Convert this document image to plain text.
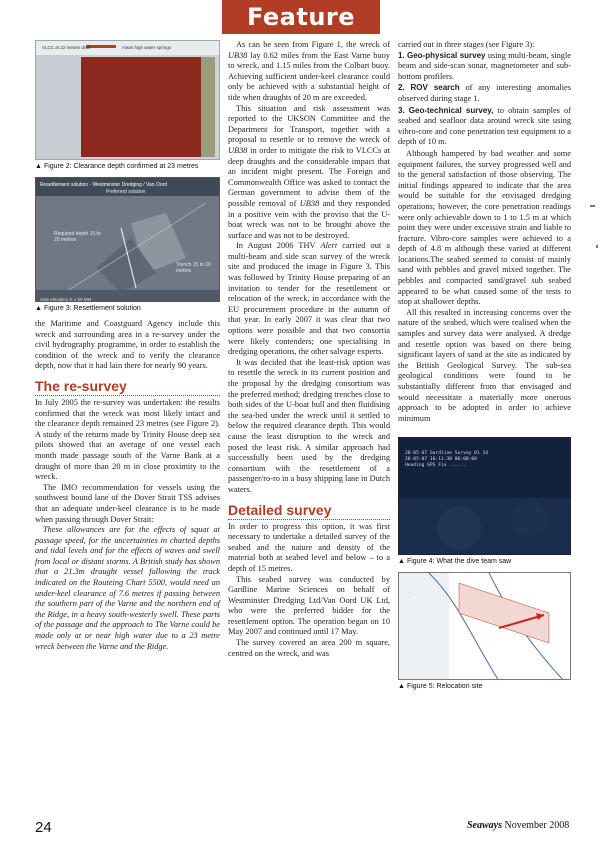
Feature
VLCC at 22 metres draft	mean high water springs
▲ Figure 2: Clearance depth confirmed at 23 metres
Resettlement solution - Westminster Dredging / Van Oord
Preferred solution
Required depth 15 to 20 metres
Trench 15 to 20 metres
Side elevation E 1 50 MM
▲ Figure 3: Resettlement solution

the Maritime and Coastguard Agency include this wreck and surrounding area in a re-survey under the civil hydrography programme, in order to establish the condition of the wreck and to verify the clearance depth, now that it had lain there for nearly 90 years.

The re-survey

In July 2005 the re-survey was undertaken: the results confirmed that the wreck was most likely intact and the clearance depth remained 23 metres (see Figure 2). A study of the returns made by Trinity House deep sea pilots showed that an average of one vessel each month made passage south of the Varne Bank at a draught of more than 20 m in close proximity to the wreck.

The IMO recommendation for vessels using the southwest bound lane of the Dover Strait TSS advises that an adequate under-keel clearance is to be made when passing through Dover Strait:

These allowances are for the effects of squat at passage speed, for the uncertainties in charted depths and tidal levels and for the effects of waves and swell from local or distant storms. A British study has shown that a 21.3m draught vessel following the track indicated on the Routeing Chart 5500, would need an under-keel clearance of 7.6 metres if passing between the southern part of the Varne and the northern end of the Ridge, in a heavy south-westerly swell. These parts of the passage and the approach to The Varne could be made only at or near high water due to a 23 metre wreck between the Varne and the Ridge.

As can be seen from Figure 1, the wreck of UB38 lay 0.62 miles from the East Varne buoy to wreck, and 1.15 miles from the Colbart buoy. Achieving sufficient under-keel clearance could only be achieved with a substantial height of tide when draughts of 20 m are exceeded.

This situation and risk assessment was reported to the UKSON Committee and the Department for Transport, together with a proposal to resettle or to remove the wreck of UB38 in order to mitigate the risk to VLCCs at deep draughts and the considerable impact that an incident might present. The Foreign and Commonwealth Office was asked to contact the German government to advise them of the possible removal of UB38 and they responded in a positive vein with the proviso that the U-boat wreck was not to be brought above the surface and was not to be destroyed.

In August 2006 THV Alert carried out a multi-beam and side scan survey of the wreck site and produced the image in Figure 3. This was followed by Trinity House preparing of an invitation to tender for the resettlement or relocation of the wreck, in accordance with the EU procurement procedure in the autumn of that year. In early 2007 it was clear that two options were possible and that two consortia were likely contenders; one specialising in dredging operations, the other salvage experts.

It was decided that the least-risk option was to resettle the wreck in its current position and the proposal by the dredging consortium was the preferred method; dredging trenches close to both sides of the U-boat hull and then fluidising the sea-bed under the wreck until it settled to below the required clearance depth. This would cause the least disruption to the wreck and posed the least risk. A similar approach had successfully been used by the dredging consortium with the resettlement of a passenger/ro-ro in a busy shipping lane in Dutch waters.

Detailed survey

In order to progress this option, it was first necessary to undertake a detailed survey of the seabed and the nature and density of the material both at seabed level and below – to a depth of 15 metres.

This seabed survey was conducted by Gardline Marine Sciences on behalf of Westminster Dredging Ltd/Van Oord UK Ltd, who were the preferred bidder for the resettlement option. The operation began on 10 May 2007 and continued until 17 May.

The survey covered an area 200 m square, centred on the wreck, and was

carried out in three stages (see Figure 3):

1. Geo-physical survey using multi-beam, single beam and side-scan sonar, magnetometer and sub-bottom profilers.

2. ROV search of any interesting anomalies observed during stage 1.

3. Geo-technical survey, to obtain samples of seabed and seafloor data around wreck site using vibro-core and cone penetration test equipment to a depth of 10 m.

Although hampered by bad weather and some equipment failures, the survey progressed well and to the general satisfaction of those observing. The initial findings appeared to indicate that the area would be suitable for the envisaged dredging operations; however, the core penetration readings were only achievable down to 1 to 1.5 m at which point they were under excessive strain and liable to fracture. Vibro-core samples were achieved to a depth of 4.8 m although these varied at different locations.The seabed seemed to consist of mainly sand with pebbles and gravel mixed together. The pebbles and compacted sand/gravel sub seabed appeared to be what caused some of the tests to stop at shallower depths.

All this resulted in increasing concerns over the nature of the seabed, which were realised when the samples and survey data were analysed. A dredge and resettle option was based on there being significant layers of sand at the site as indicated by the British Geological Survey. The sub-sea geological conditions were found to be substantially different from that envisaged and would necessitate a materially more onerous approach to be adopted in order to achieve minimum

28-05-07 Gardline Survey 01 14
28-05-07 18:11:30 00:00:00
Heading GPS Fix ......
▲ Figure 4: What the dive team saw
.
▲ Figure 5: Relocation site
24	Seaways November 2008
